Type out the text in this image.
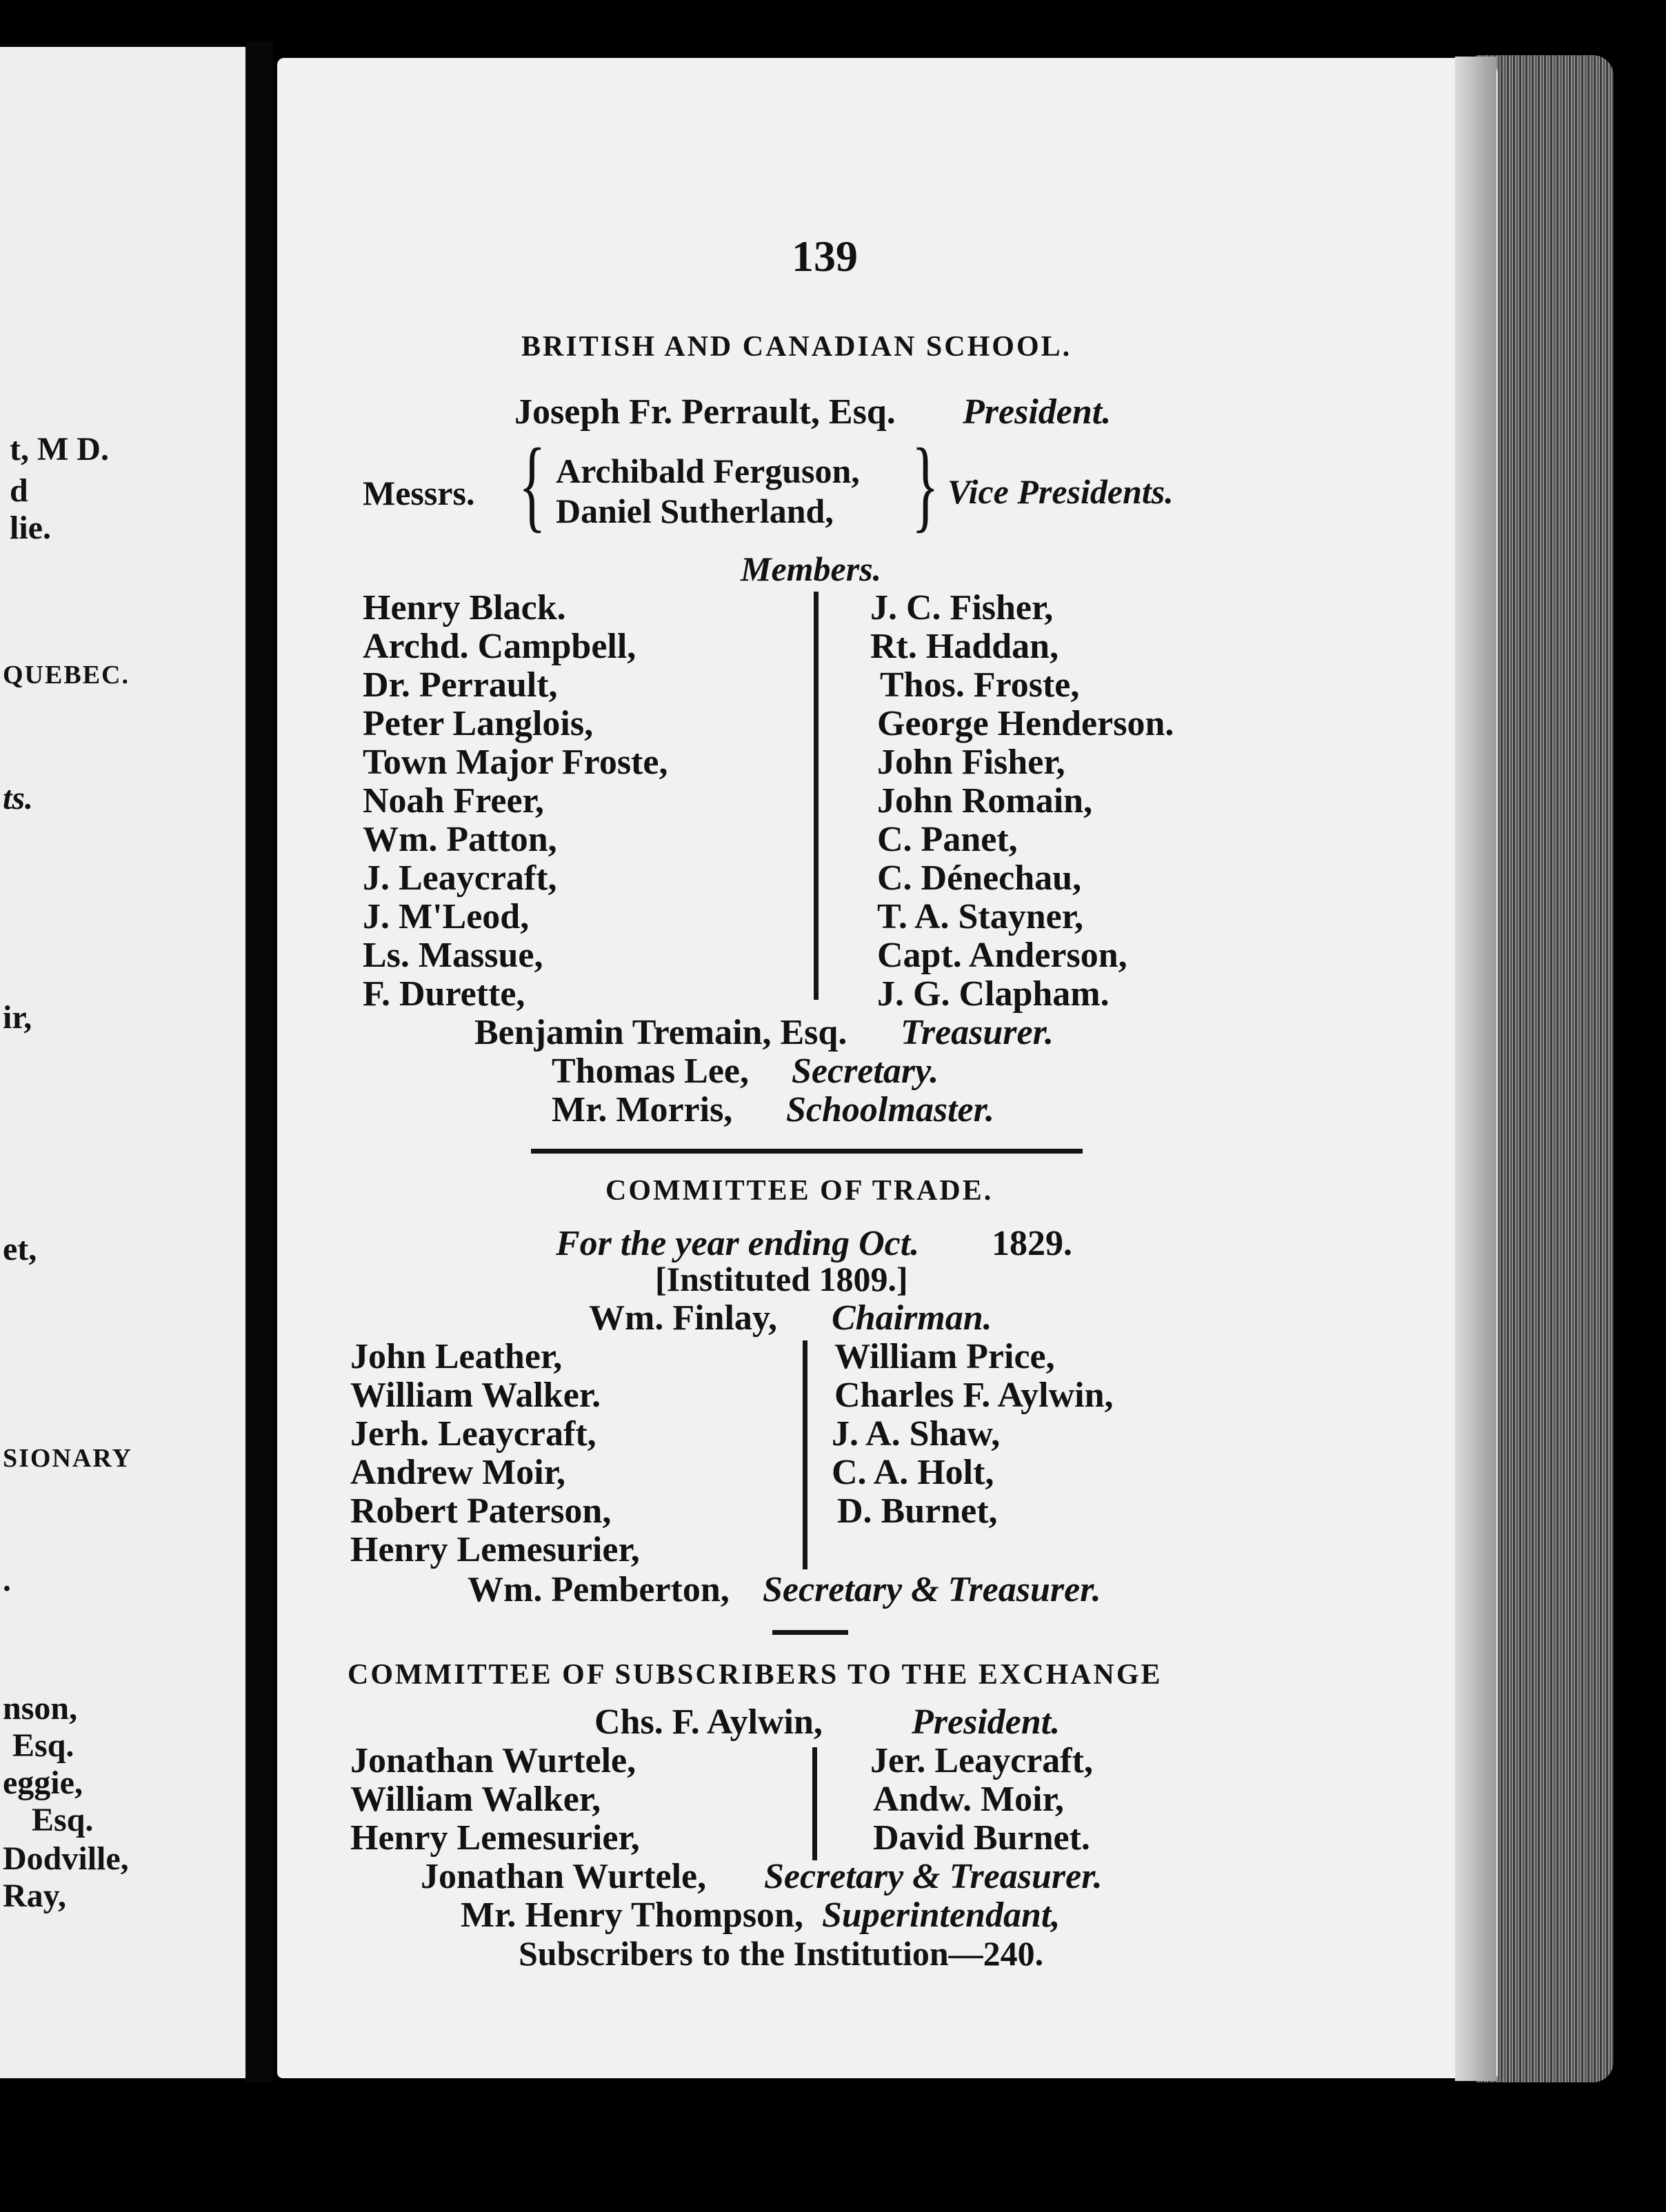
t, M D.
d
lie.
QUEBEC.
ts.
ir,
et,
SIONARY
.
nson,
Esq.
eggie,
Esq.
Dodville,
Ray,
139
BRITISH AND CANADIAN SCHOOL.
Joseph Fr. Perrault, Esq. President.
Messrs. { Archibald Ferguson,
Daniel Sutherland, } Vice Presidents.
Members.
Henry Black.
Archd. Campbell,
Dr. Perrault,
Peter Langlois,
Town Major Froste,
Noah Freer,
Wm. Patton,
J. Leaycraft,
J. M'Leod,
Ls. Massue,
F. Durette,
J. C. Fisher,
Rt. Haddan,
Thos. Froste,
George Henderson.
John Fisher,
John Romain,
C. Panet,
C. Dénechau,
T. A. Stayner,
Capt. Anderson,
J. G. Clapham.
Benjamin Tremain, Esq. Treasurer.
Thomas Lee, Secretary.
Mr. Morris, Schoolmaster.
COMMITTEE OF TRADE.
For the year ending Oct. 1829.
[Instituted 1809.]
Wm. Finlay, Chairman.
John Leather,
William Walker.
Jerh. Leaycraft,
Andrew Moir,
Robert Paterson,
Henry Lemesurier,
William Price,
Charles F. Aylwin,
J. A. Shaw,
C. A. Holt,
D. Burnet,
Wm. Pemberton, Secretary & Treasurer.
COMMITTEE OF SUBSCRIBERS TO THE EXCHANGE
Chs. F. Aylwin, President.
Jonathan Wurtele,
William Walker,
Henry Lemesurier,
Jer. Leaycraft,
Andw. Moir,
David Burnet.
Jonathan Wurtele, Secretary & Treasurer.
Mr. Henry Thompson, Superintendant,
Subscribers to the Institution—240.
